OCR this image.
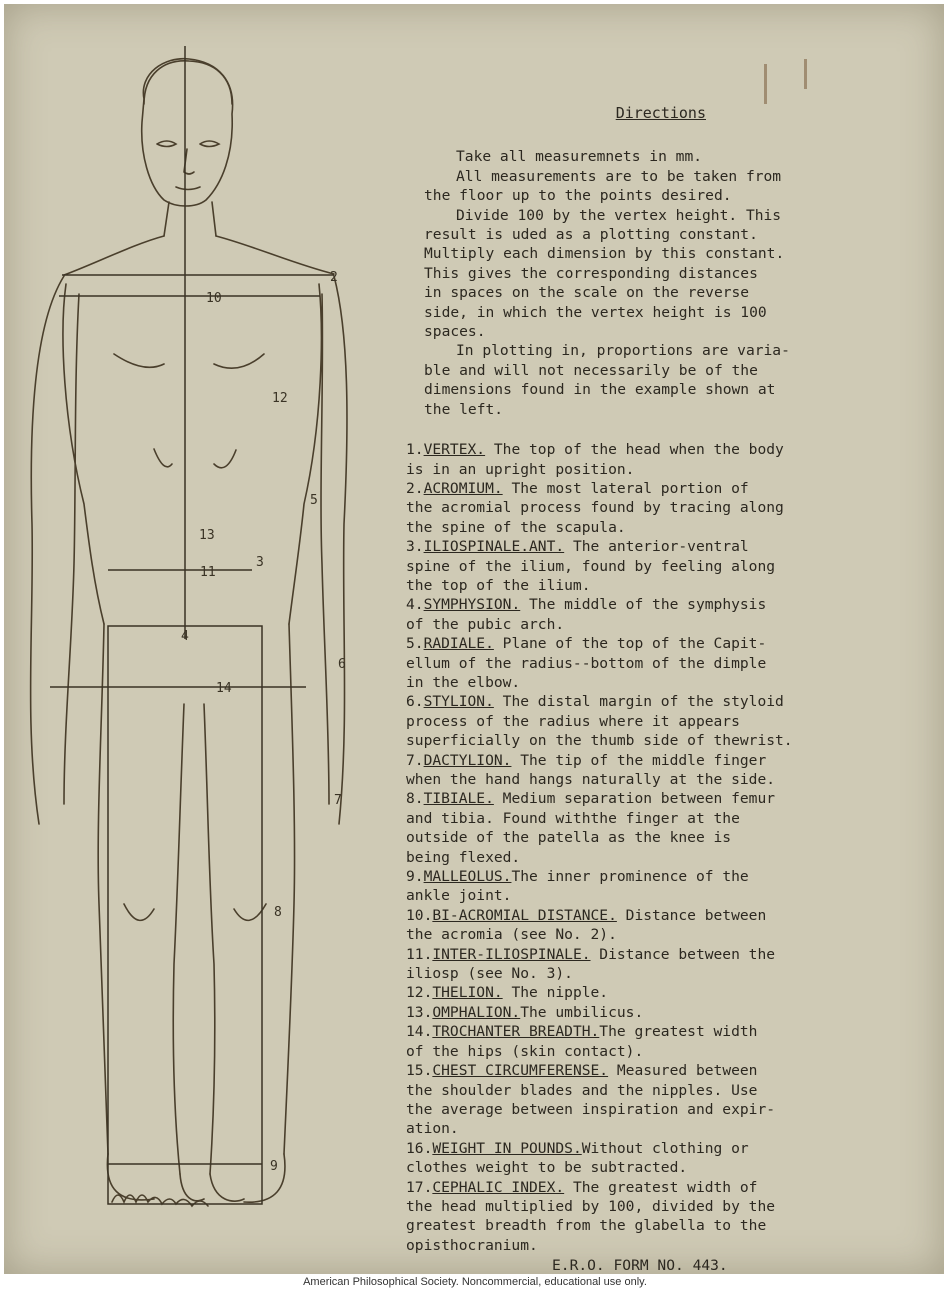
2
10
12
5
13
11
3
4
6
14
7
8
9
Directions
Take all measuremnets in mm.
All measurements are to be taken from
the floor up to the points desired.
Divide 100 by the vertex height. This
result is uded as a plotting constant.
Multiply each dimension by this constant.
This gives the corresponding distances
in spaces on the scale on the reverse
side, in which the vertex height is 100
spaces.
In plotting in, proportions are varia-
ble and will not necessarily be of the
dimensions found in the example shown at
the left.
1.VERTEX. The top of the head when the body
is in an upright position.
2.ACROMIUM. The most lateral portion of
the acromial process found by tracing along
the spine of the scapula.
3.ILIOSPINALE.ANT. The anterior-ventral
spine of the ilium, found by feeling along
the top of the ilium.
4.SYMPHYSION. The middle of the symphysis
of the pubic arch.
5.RADIALE. Plane of the top of the Capit-
ellum of the radius--bottom of the dimple
in the elbow.
6.STYLION. The distal margin of the styloid
process of the radius where it appears
superficially on the thumb side of thewrist.
7.DACTYLION. The tip of the middle finger
when the hand hangs naturally at the side.
8.TIBIALE. Medium separation between femur
and tibia. Found withthe finger at the
outside of the patella as the knee is
being flexed.
9.MALLEOLUS.The inner prominence of the
ankle joint.
10.BI-ACROMIAL DISTANCE. Distance between
the acromia (see No. 2).
11.INTER-ILIOSPINALE. Distance between the
iliosp (see No. 3).
12.THELION. The nipple.
13.OMPHALION.The umbilicus.
14.TROCHANTER BREADTH.The greatest width
of the hips (skin contact).
15.CHEST CIRCUMFERENSE. Measured between
the shoulder blades and the nipples. Use
the average between inspiration and expir-
ation.
16.WEIGHT IN POUNDS.Without clothing or
clothes weight to be subtracted.
17.CEPHALIC INDEX. The greatest width of
the head multiplied by 100, divided by the
greatest breadth from the glabella to the
opisthocranium.
E.R.O. FORM NO. 443.
American Philosophical Society. Noncommercial, educational use only.
